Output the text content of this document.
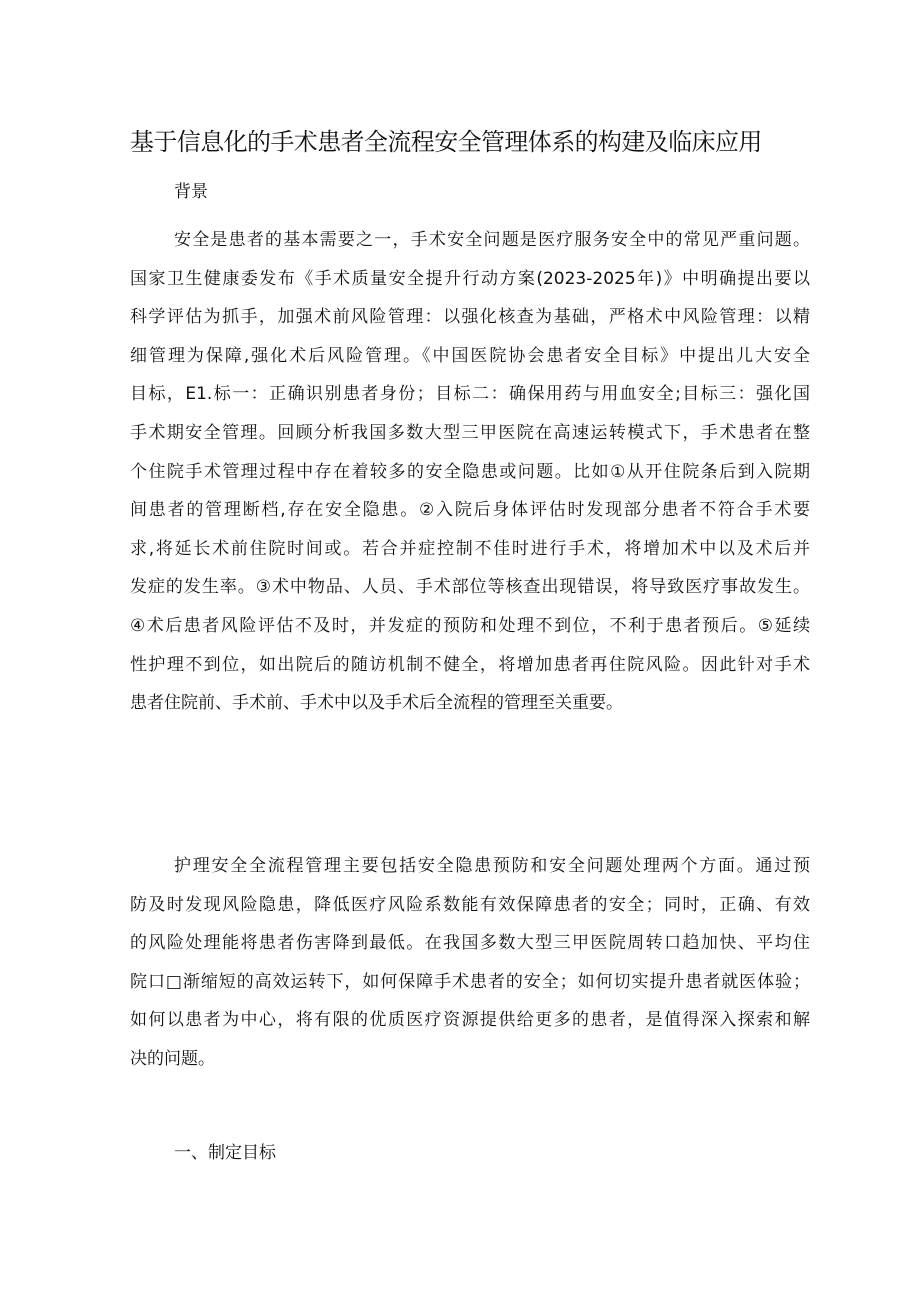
基于信息化的手术患者全流程安全管理体系的构建及临床应用

背景

安全是患者的基本需要之一，手术安全问题是医疗服务安全中的常见严重问题。
国家卫生健康委发布《手术质量安全提升行动方案(2023-2025年)》中明确提出要以
科学评估为抓手，加强术前风险管理：以强化核查为基础，严格术中风险管理：以精
细管理为保障,强化术后风险管理。《中国医院协会患者安全目标》中提出儿大安全
目标，E1.标一：正确识别患者身份；目标二：确保用药与用血安全;目标三：强化国
手术期安全管理。回顾分析我国多数大型三甲医院在高速运转模式下，手术患者在整
个住院手术管理过程中存在着较多的安全隐患或问题。比如①从开住院条后到入院期
间患者的管理断档,存在安全隐患。②入院后身体评估时发现部分患者不符合手术要
求,将延长术前住院时间或。若合并症控制不佳时进行手术，将增加术中以及术后并
发症的发生率。③术中物品、人员、手术部位等核查出现错误，将导致医疗事故发生。
④术后患者风险评估不及时，并发症的预防和处理不到位，不利于患者预后。⑤延续
性护理不到位，如出院后的随访机制不健全，将增加患者再住院风险。因此针对手术
患者住院前、手术前、手术中以及手术后全流程的管理至关重要。
护理安全全流程管理主要包括安全隐患预防和安全问题处理两个方面。通过预
防及时发现风险隐患，降低医疗风险系数能有效保障患者的安全；同时，正确、有效
的风险处理能将患者伤害降到最低。在我国多数大型三甲医院周转口趋加快、平均住
院口□渐缩短的高效运转下，如何保障手术患者的安全；如何切实提升患者就医体验；
如何以患者为中心，将有限的优质医疗资源提供给更多的患者，是值得深入探索和解
决的问题。

一、制定目标
